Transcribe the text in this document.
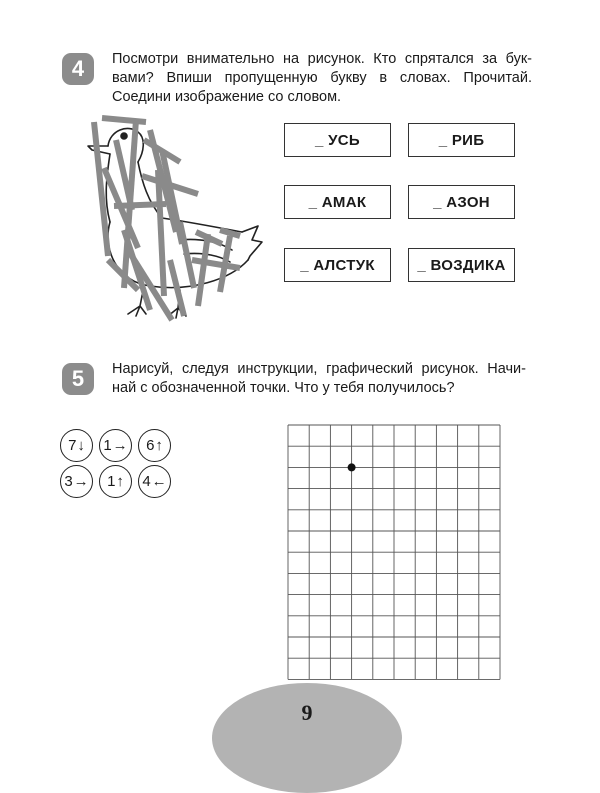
4	Посмотри внимательно на рисунок. Кто спрятался за бук-
вами? Впиши пропущенную букву в словах. Прочитай.
Соедини изображение со словом.
_ УСЬ	_ РИБ
_ АМАК	_ АЗОН
_ АЛСТУК	_ ВОЗДИКА
5	Нарисуй, следуя инструкции, графический рисунок. Начи-
най с обозначенной точки. Что у тебя получилось?
7 ↓ 1 → 6 ↑
3 → 1 ↑ 4 ←
9
